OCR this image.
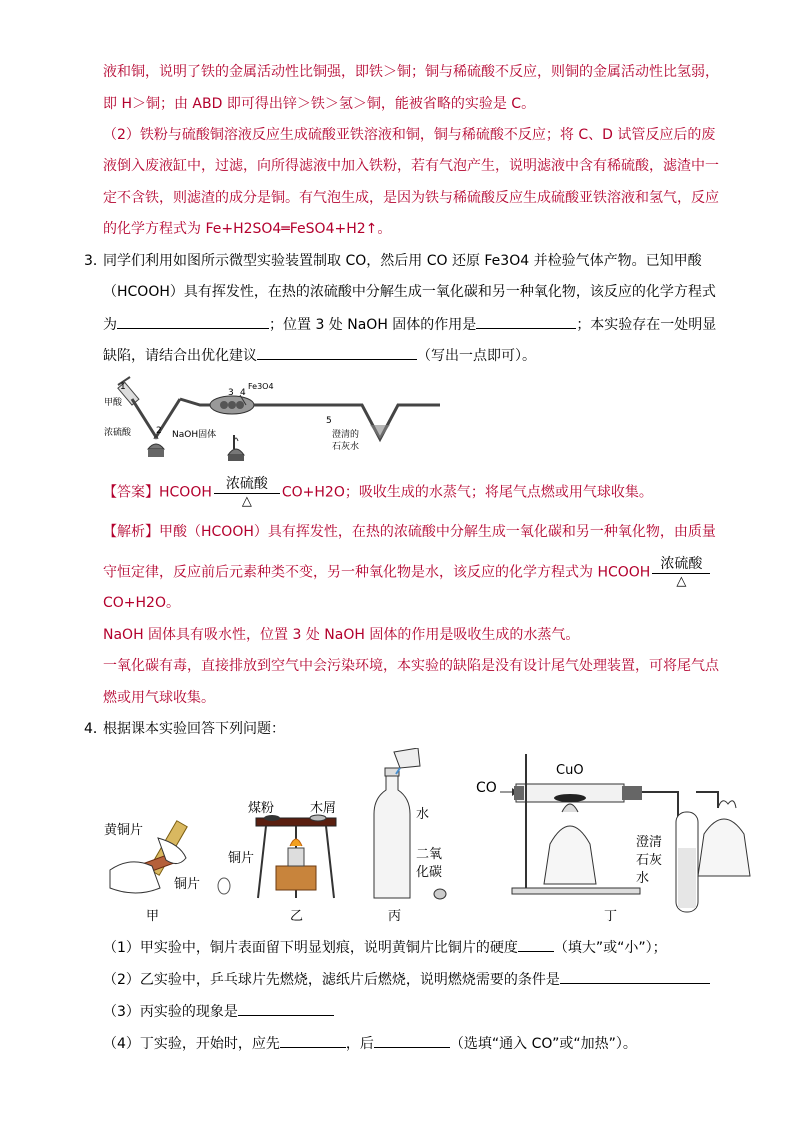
液和铜，说明了铁的金属活动性比铜强，即铁＞铜；铜与稀硫酸不反应，则铜的金属活动性比氢弱，
即 H＞铜；由 ABD 即可得出锌＞铁＞氢＞铜，能被省略的实验是 C。
（2）铁粉与硫酸铜溶液反应生成硫酸亚铁溶液和铜，铜与稀硫酸不反应；将 C、D 试管反应后的废
液倒入废液缸中，过滤，向所得滤液中加入铁粉，若有气泡产生，说明滤液中含有稀硫酸，滤渣中一
定不含铁，则滤渣的成分是铜。有气泡生成，是因为铁与稀硫酸反应生成硫酸亚铁溶液和氢气，反应
的化学方程式为 Fe+H2SO4═FeSO4+H2↑。
3．
同学们利用如图所示微型实验装置制取 CO，然后用 CO 还原 Fe3O4 并检验气体产物。已知甲酸
（HCOOH）具有挥发性，在热的浓硫酸中分解生成一氧化碳和另一种氧化物，该反应的化学方程式
为	；位置 3 处 NaOH 固体的作用是	；本实验存在一处明显
缺陷，请结合出优化建议	（写出一点即可）。
1
2
3 4
5
Fe3O4
甲酸
浓硫酸	NaOH固体	澄清的
石灰水
【答案】HCOOH $\frac{\text{浓硫酸}}{\triangle} CO+H2O$；吸收生成的水蒸气；将尾气点燃或用气球收集。
【解析】甲酸（HCOOH）具有挥发性，在热的浓硫酸中分解生成一氧化碳和另一种氧化物，由质量
守恒定律，反应前后元素种类不变，另一种氧化物是水，该反应的化学方程式为 HCOOH $\frac{\text{浓硫酸}}{\triangle}$
CO+H2O。
NaOH 固体具有吸水性，位置 3 处 NaOH 固体的作用是吸收生成的水蒸气。
一氧化碳有毒，直接排放到空气中会污染环境，本实验的缺陷是没有设计尾气处理装置，可将尾气点
燃或用气球收集。
4．
根据课本实验回答下列问题：
黄铜片
铜片
甲
煤粉	木屑
铜片
乙
水
二氧
化碳
丙
CO
CuO
澄清
石灰
水
丁
（1）甲实验中，铜片表面留下明显划痕，说明黄铜片比铜片的硬度	（填大”或“小”）；
（2）乙实验中，乒乓球片先燃烧，滤纸片后燃烧，说明燃烧需要的条件是
（3）丙实验的现象是
（4）丁实验，开始时，应先	，后	（选填“通入 CO”或“加热”）。
